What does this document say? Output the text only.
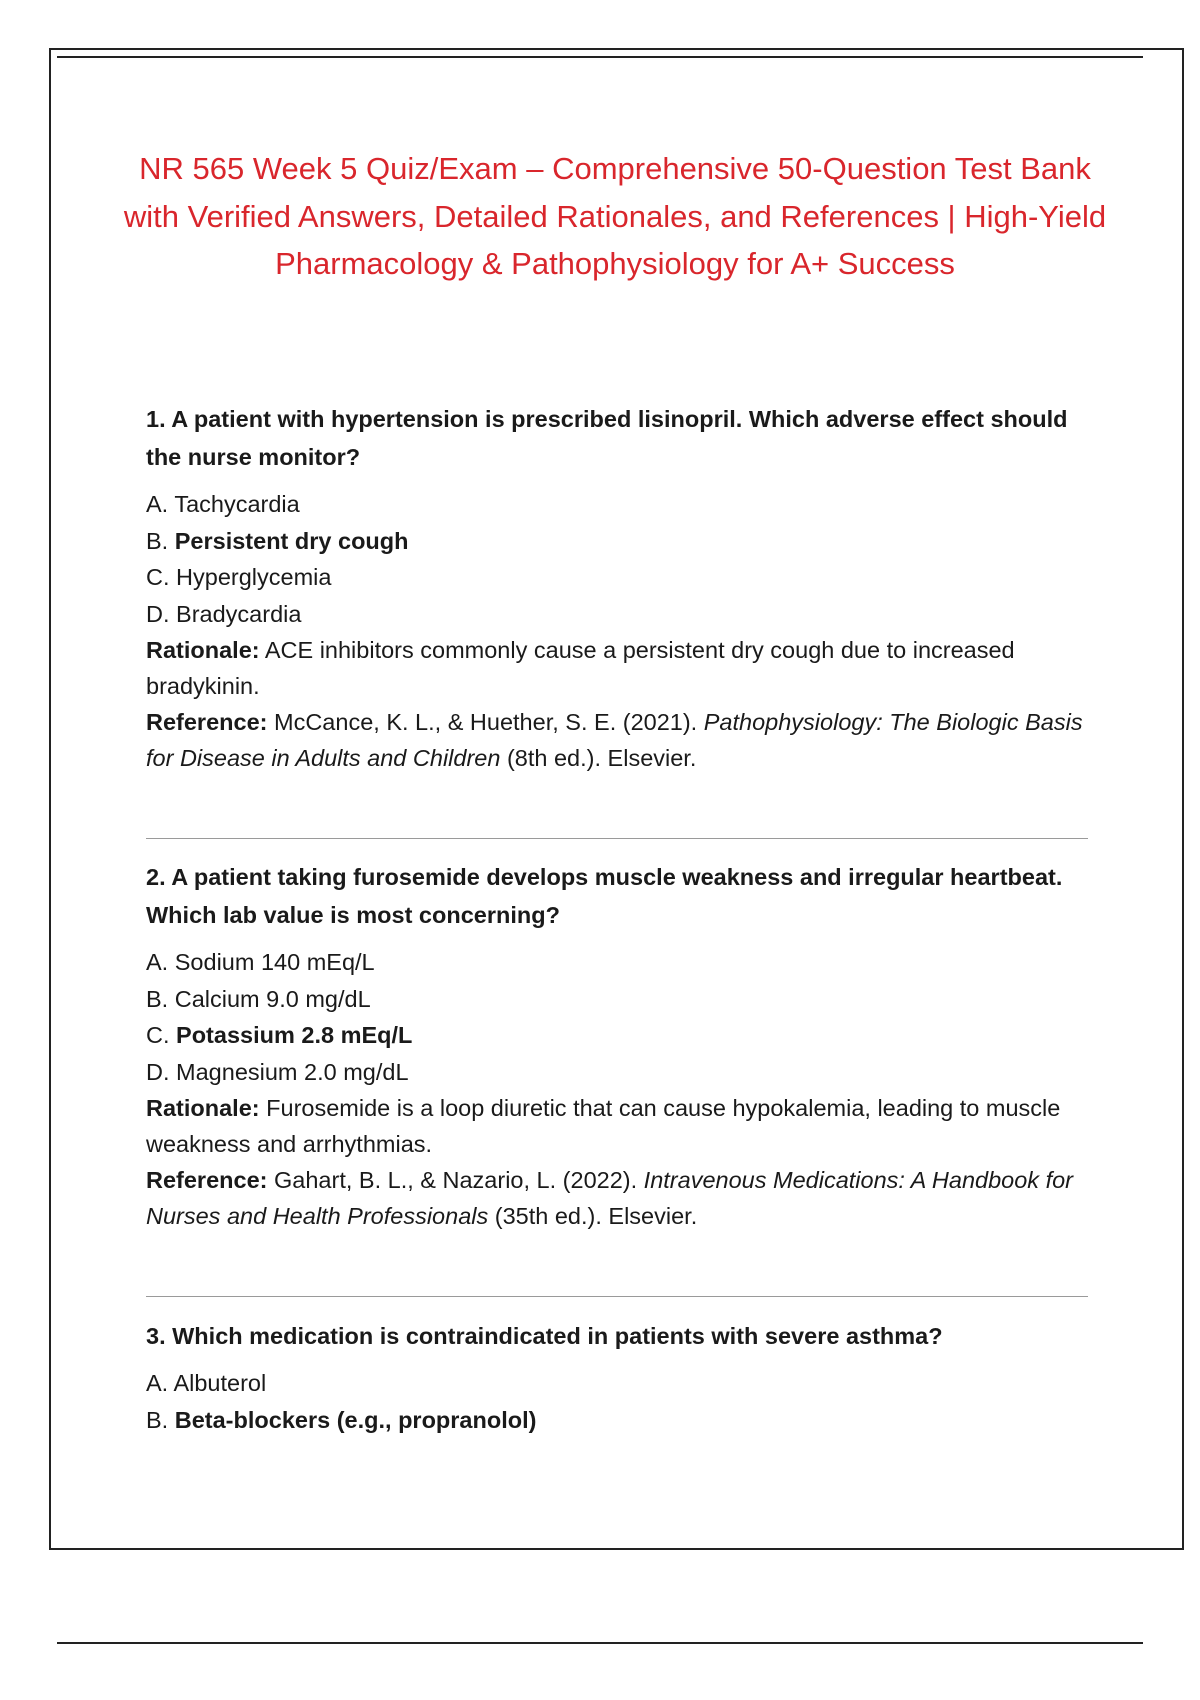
NR 565 Week 5 Quiz/Exam – Comprehensive 50-Question Test Bank with Verified Answers, Detailed Rationales, and References | High-Yield Pharmacology & Pathophysiology for A+ Success
1. A patient with hypertension is prescribed lisinopril. Which adverse effect should the nurse monitor?
A. Tachycardia
B. Persistent dry cough
C. Hyperglycemia
D. Bradycardia
Rationale: ACE inhibitors commonly cause a persistent dry cough due to increased bradykinin.
Reference: McCance, K. L., & Huether, S. E. (2021). Pathophysiology: The Biologic Basis for Disease in Adults and Children (8th ed.). Elsevier.
2. A patient taking furosemide develops muscle weakness and irregular heartbeat. Which lab value is most concerning?
A. Sodium 140 mEq/L
B. Calcium 9.0 mg/dL
C. Potassium 2.8 mEq/L
D. Magnesium 2.0 mg/dL
Rationale: Furosemide is a loop diuretic that can cause hypokalemia, leading to muscle weakness and arrhythmias.
Reference: Gahart, B. L., & Nazario, L. (2022). Intravenous Medications: A Handbook for Nurses and Health Professionals (35th ed.). Elsevier.
3. Which medication is contraindicated in patients with severe asthma?
A. Albuterol
B. Beta-blockers (e.g., propranolol)
